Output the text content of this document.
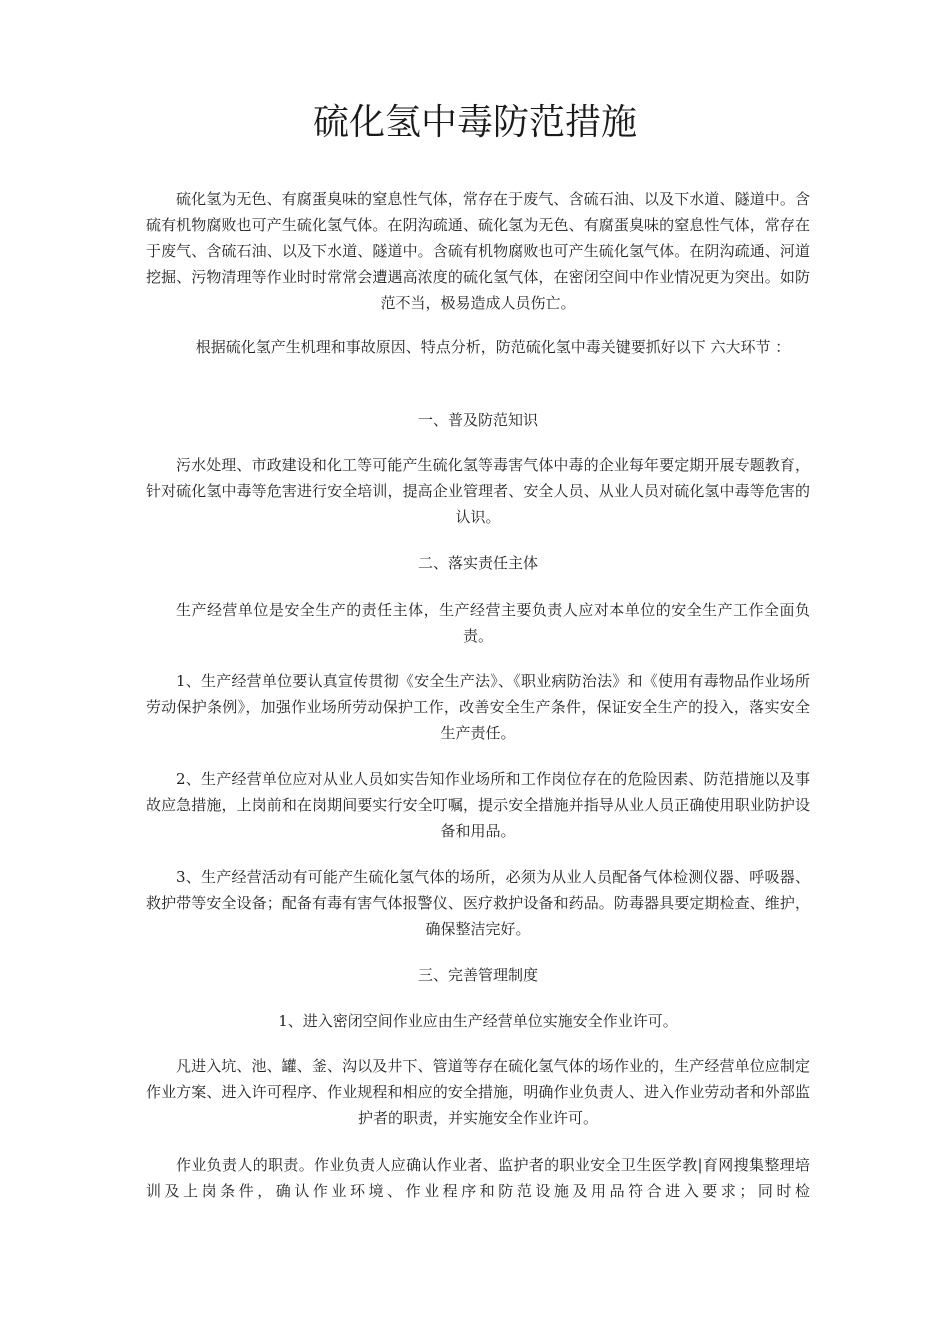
硫化氢中毒防范措施

硫化氢为无色、有腐蛋臭味的窒息性气体，常存在于废气、含硫石油、以及下水道、隧道中。含硫有机物腐败也可产生硫化氢气体。在阴沟疏通、硫化氢为无色、有腐蛋臭味的窒息性气体，常存在于废气、含硫石油、以及下水道、隧道中。含硫有机物腐败也可产生硫化氢气体。在阴沟疏通、河道挖掘、污物清理等作业时时常常会遭遇高浓度的硫化氢气体，在密闭空间中作业情况更为突出。如防范不当，极易造成人员伤亡。

根据硫化氢产生机理和事故原因、特点分析，防范硫化氢中毒关键要抓好以下 六大环节 ：

一、普及防范知识

污水处理、市政建设和化工等可能产生硫化氢等毒害气体中毒的企业每年要定期开展专题教育，针对硫化氢中毒等危害进行安全培训，提高企业管理者、安全人员、从业人员对硫化氢中毒等危害的认识。

二、落实责任主体

生产经营单位是安全生产的责任主体，生产经营主要负责人应对本单位的安全生产工作全面负责。

1、生产经营单位要认真宣传贯彻《安全生产法》、《职业病防治法》和《使用有毒物品作业场所劳动保护条例》，加强作业场所劳动保护工作，改善安全生产条件，保证安全生产的投入，落实安全生产责任。

2、生产经营单位应对从业人员如实告知作业场所和工作岗位存在的危险因素、防范措施以及事故应急措施，上岗前和在岗期间要实行安全叮嘱，提示安全措施并指导从业人员正确使用职业防护设备和用品。

3、生产经营活动有可能产生硫化氢气体的场所，必须为从业人员配备气体检测仪器、呼吸器、救护带等安全设备；配备有毒有害气体报警仪、医疗救护设备和药品。防毒器具要定期检查、维护，确保整洁完好。

三、完善管理制度

1、进入密闭空间作业应由生产经营单位实施安全作业许可。

凡进入坑、池、罐、釜、沟以及井下、管道等存在硫化氢气体的场作业的，生产经营单位应制定作业方案、进入许可程序、作业规程和相应的安全措施，明确作业负责人、进入作业劳动者和外部监护者的职责，并实施安全作业许可。

作业负责人的职责。作业负责人应确认作业者、监护者的职业安全卫生医学教|育网搜集整理培训及上岗条件，确认作业环境、作业程序和防范设施及用品符合进入要求；同时检
